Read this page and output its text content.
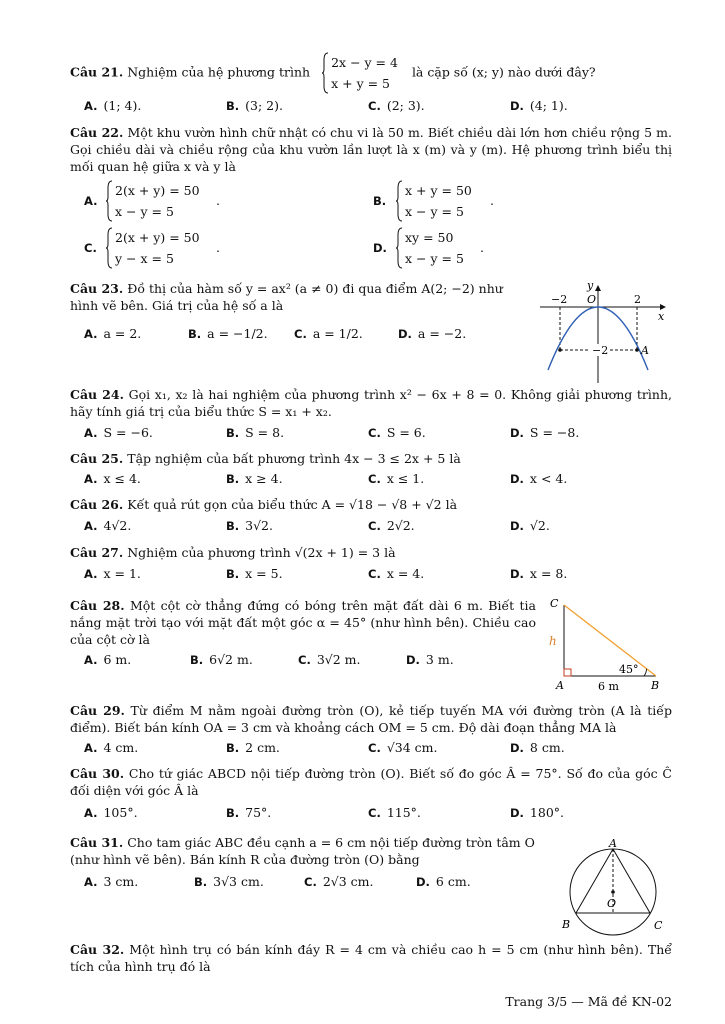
Câu 21. Nghiệm của hệ phương trình
2x − y = 4
x + y = 5
là cặp số (x; y) nào dưới đây?
A. (1; 4).	B. (3; 2).	C. (2; 3).	D. (4; 1).
Câu 22. Một khu vườn hình chữ nhật có chu vi là 50 m. Biết chiều dài lớn hơn chiều rộng 5 m. Gọi chiều dài và chiều rộng của khu vườn lần lượt là x (m) và y (m). Hệ phương trình biểu thị mối quan hệ giữa x và y là
A.
2(x + y) = 50
x − y = 5
.	B.
x + y = 50
x − y = 5
.
C.
2(x + y) = 50
y − x = 5
.	D.
xy = 50
x − y = 5
.
Câu 23. Đồ thị của hàm số y = ax² (a ≠ 0) đi qua điểm A(2; −2) như hình vẽ bên. Giá trị của hệ số a là
A. a = 2.	B. a = −1/2. C. a = 1/2.	D. a = −2.
y
x
O
−2	2
−2	A
Câu 24. Gọi x₁, x₂ là hai nghiệm của phương trình x² − 6x + 8 = 0. Không giải phương trình, hãy tính giá trị của biểu thức S = x₁ + x₂.
A. S = −6.	B. S = 8.	C. S = 6.	D. S = −8.
Câu 25. Tập nghiệm của bất phương trình 4x − 3 ≤ 2x + 5 là
A. x ≤ 4.	B. x ≥ 4.	C. x ≤ 1.	D. x < 4.
Câu 26. Kết quả rút gọn của biểu thức A = √18 − √8 + √2 là
A. 4√2.	B. 3√2.	C. 2√2.	D. √2.
Câu 27. Nghiệm của phương trình √(2x + 1) = 3 là
A. x = 1.	B. x = 5.	C. x = 4.	D. x = 8.
Câu 28. Một cột cờ thẳng đứng có bóng trên mặt đất dài 6 m. Biết tia nắng mặt trời tạo với mặt đất một góc α = 45° (như hình bên). Chiều cao của cột cờ là
A. 6 m.	B. 6√2 m.	C. 3√2 m.	D. 3 m.
C
h
45°
A	6 m	B
Câu 29. Từ điểm M nằm ngoài đường tròn (O), kẻ tiếp tuyến MA với đường tròn (A là tiếp điểm). Biết bán kính OA = 3 cm và khoảng cách OM = 5 cm. Độ dài đoạn thẳng MA là
A. 4 cm.	B. 2 cm.	C. √34 cm.	D. 8 cm.
Câu 30. Cho tứ giác ABCD nội tiếp đường tròn (O). Biết số đo góc Â = 75°. Số đo của góc Ĉ đối diện với góc Â là
A. 105°.	B. 75°.	C. 115°.	D. 180°.
Câu 31. Cho tam giác ABC đều cạnh a = 6 cm nội tiếp đường tròn tâm O (như hình vẽ bên). Bán kính R của đường tròn (O) bằng
A. 3 cm.	B. 3√3 cm.	C. 2√3 cm.	D. 6 cm.
A
B	C
O
Câu 32. Một hình trụ có bán kính đáy R = 4 cm và chiều cao h = 5 cm (như hình bên). Thể tích của hình trụ đó là
Trang 3/5 — Mã đề KN-02
